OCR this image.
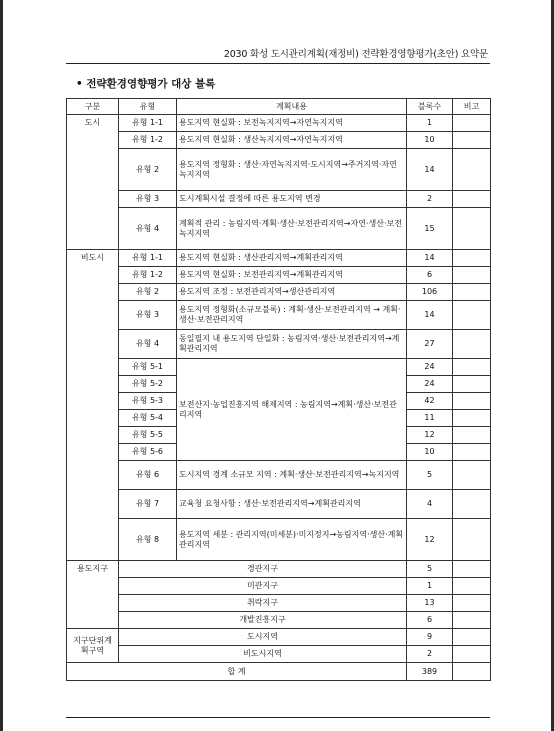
2030 화성 도시관리계획(재정비) 전략환경영향평가(초안) 요약문
• 전략환경영향평가 대상 블록
구분	유형	계획내용	블록수	비고
도시	유형 1-1	용도지역 현실화 : 보전녹지지역→자연녹지지역	1	
	유형 1-2	용도지역 현실화 : 생산녹지지역→자연녹지지역	10	
	유형 2	용도지역 정형화 : 생산·자연녹지지역·도시지역→주거지역·자연녹지지역	14	
	유형 3	도시계획시설 결정에 따른 용도지역 변경	2	
	유형 4	계획적 관리 : 농림지역·계획·생산·보전관리지역→자연·생산·보전녹지지역	15	
비도시	유형 1-1	용도지역 현실화 : 생산관리지역→계획관리지역	14	
	유형 1-2	용도지역 현실화 : 보전관리지역→계획관리지역	6	
	유형 2	용도지역 조정 : 보전관리지역→생산관리지역	106	
	유형 3	용도지역 정형화(소규모블록) : 계획·생산·보전관리지역 → 계획·생산·보전관리지역	14	
	유형 4	동일필지 내 용도지역 단일화 : 농림지역·생산·보전관리지역→계획관리지역	27	
	유형 5-1	보전산지·농업진흥지역 해제지역 : 농림지역→계획·생산·보전관리지역	24	
	유형 5-2		24	
	유형 5-3		42	
	유형 5-4		11	
	유형 5-5		12	
	유형 5-6		10	
	유형 6	도시지역 경계 소규모 지역 : 계획·생산·보전관리지역→녹지지역	5	
	유형 7	교육청 요청사항 : 생산·보전관리지역→계획관리지역	4	
	유형 8	용도지역 세분 : 관리지역(미세분)·미지정지→농림지역·생산·계획관리지역	12	
용도지구	경관지구		5	
	미관지구		1	
	취락지구		13	
	개발진흥지구		6	
지구단위계획구역	도시지역		9	
	비도시지역		2	
합 계			389	
